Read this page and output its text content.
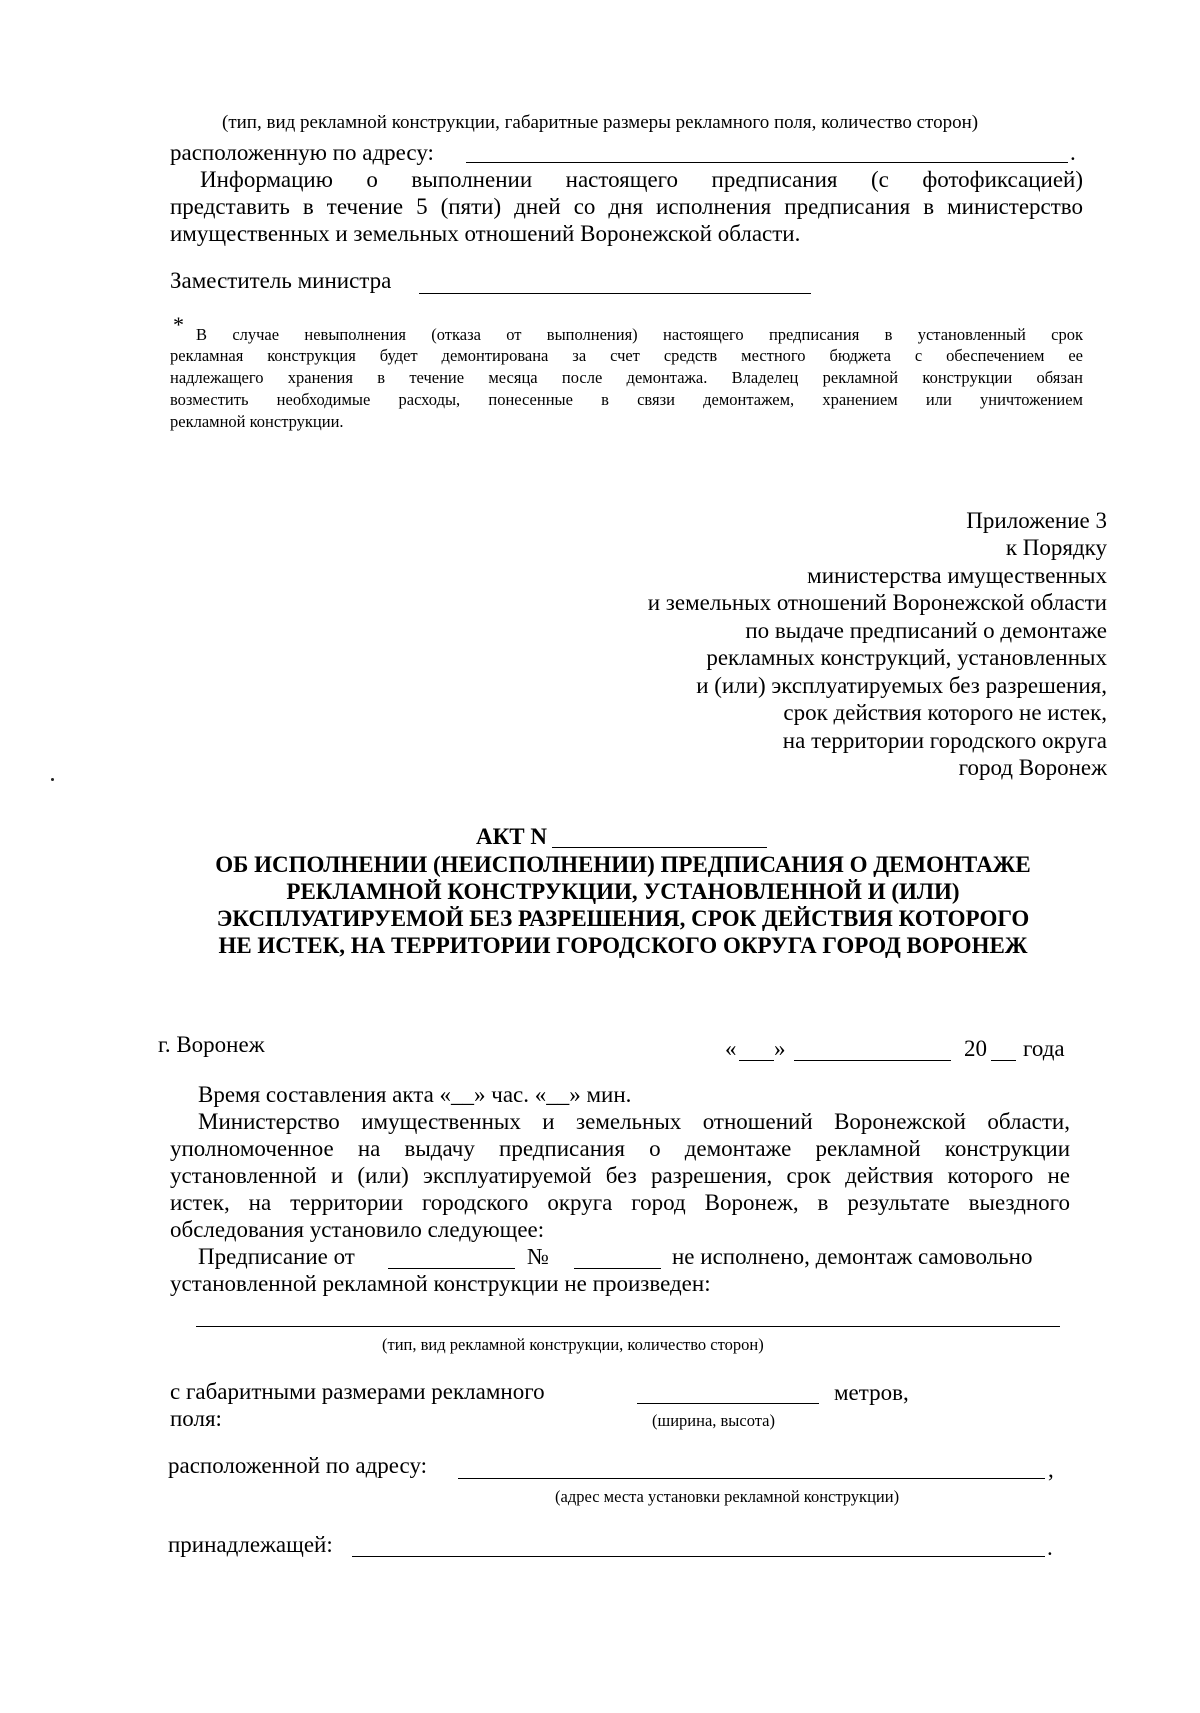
(тип, вид рекламной конструкции, габаритные размеры рекламного поля, количество сторон)
расположенную по адресу:	.
Информацию о выполнении настоящего предписания (с фотофиксацией)
представить в течение 5 (пяти) дней со дня исполнения предписания в министерство
имущественных и земельных отношений Воронежской области.
Заместитель министра
* В случае невыполнения (отказа от выполнения) настоящего предписания в установленный срок
рекламная конструкция будет демонтирована за счет средств местного бюджета с обеспечением ее
надлежащего хранения в течение месяца после демонтажа. Владелец рекламной конструкции обязан
возместить необходимые расходы, понесенные в связи демонтажем, хранением или уничтожением
рекламной конструкции.
Приложение 3
к Порядку
министерства имущественных
и земельных отношений Воронежской области
по выдаче предписаний о демонтаже
рекламных конструкций, установленных
и (или) эксплуатируемых без разрешения,
срок действия которого не истек,
на территории городского округа
город Воронеж
АКТ N
ОБ ИСПОЛНЕНИИ (НЕИСПОЛНЕНИИ) ПРЕДПИСАНИЯ О ДЕМОНТАЖЕ
РЕКЛАМНОЙ КОНСТРУКЦИИ, УСТАНОВЛЕННОЙ И (ИЛИ)
ЭКСПЛУАТИРУЕМОЙ БЕЗ РАЗРЕШЕНИЯ, СРОК ДЕЙСТВИЯ КОТОРОГО
НЕ ИСТЕК, НА ТЕРРИТОРИИ ГОРОДСКОГО ОКРУГА ГОРОД ВОРОНЕЖ
г. Воронеж	« »	20 года
Время составления акта «__» час. «__» мин.
Министерство имущественных и земельных отношений Воронежской области,
уполномоченное на выдачу предписания о демонтаже рекламной конструкции
установленной и (или) эксплуатируемой без разрешения, срок действия которого не
истек, на территории городского округа город Воронеж, в результате выездного
обследования установило следующее:
Предписание от	№	не исполнено, демонтаж самовольно
установленной рекламной конструкции не произведен:
(тип, вид рекламной конструкции, количество сторон)
с габаритными размерами рекламного
поля:
метров,
(ширина, высота)
расположенной по адресу:	,
(адрес места установки рекламной конструкции)
принадлежащей:	.
